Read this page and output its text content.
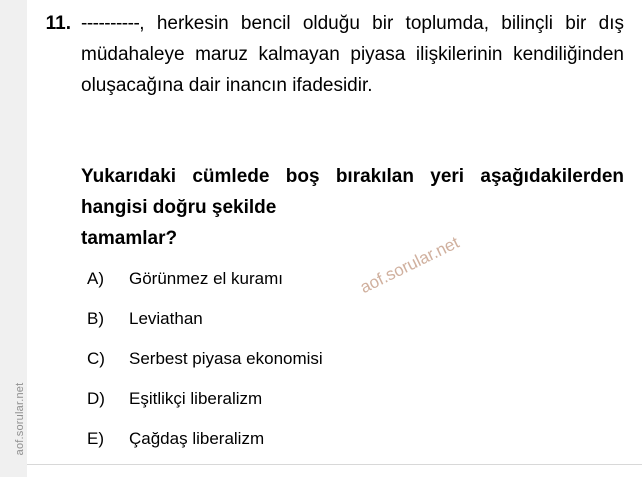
aof.sorular.net
11. ----------, herkesin bencil olduğu bir toplumda, bilinçli bir dış müdahaleye maruz kalmayan piyasa ilişkilerinin kendiliğinden oluşacağına dair inancın ifadesidir.
Yukarıdaki cümlede boş bırakılan yeri aşağıdakilerden hangisi doğru şekilde
tamamlar?
A)	Görünmez el kuramı
B)	Leviathan
C)	Serbest piyasa ekonomisi
D)	Eşitlikçi liberalizm
E)	Çağdaş liberalizm
aof.sorular.net
